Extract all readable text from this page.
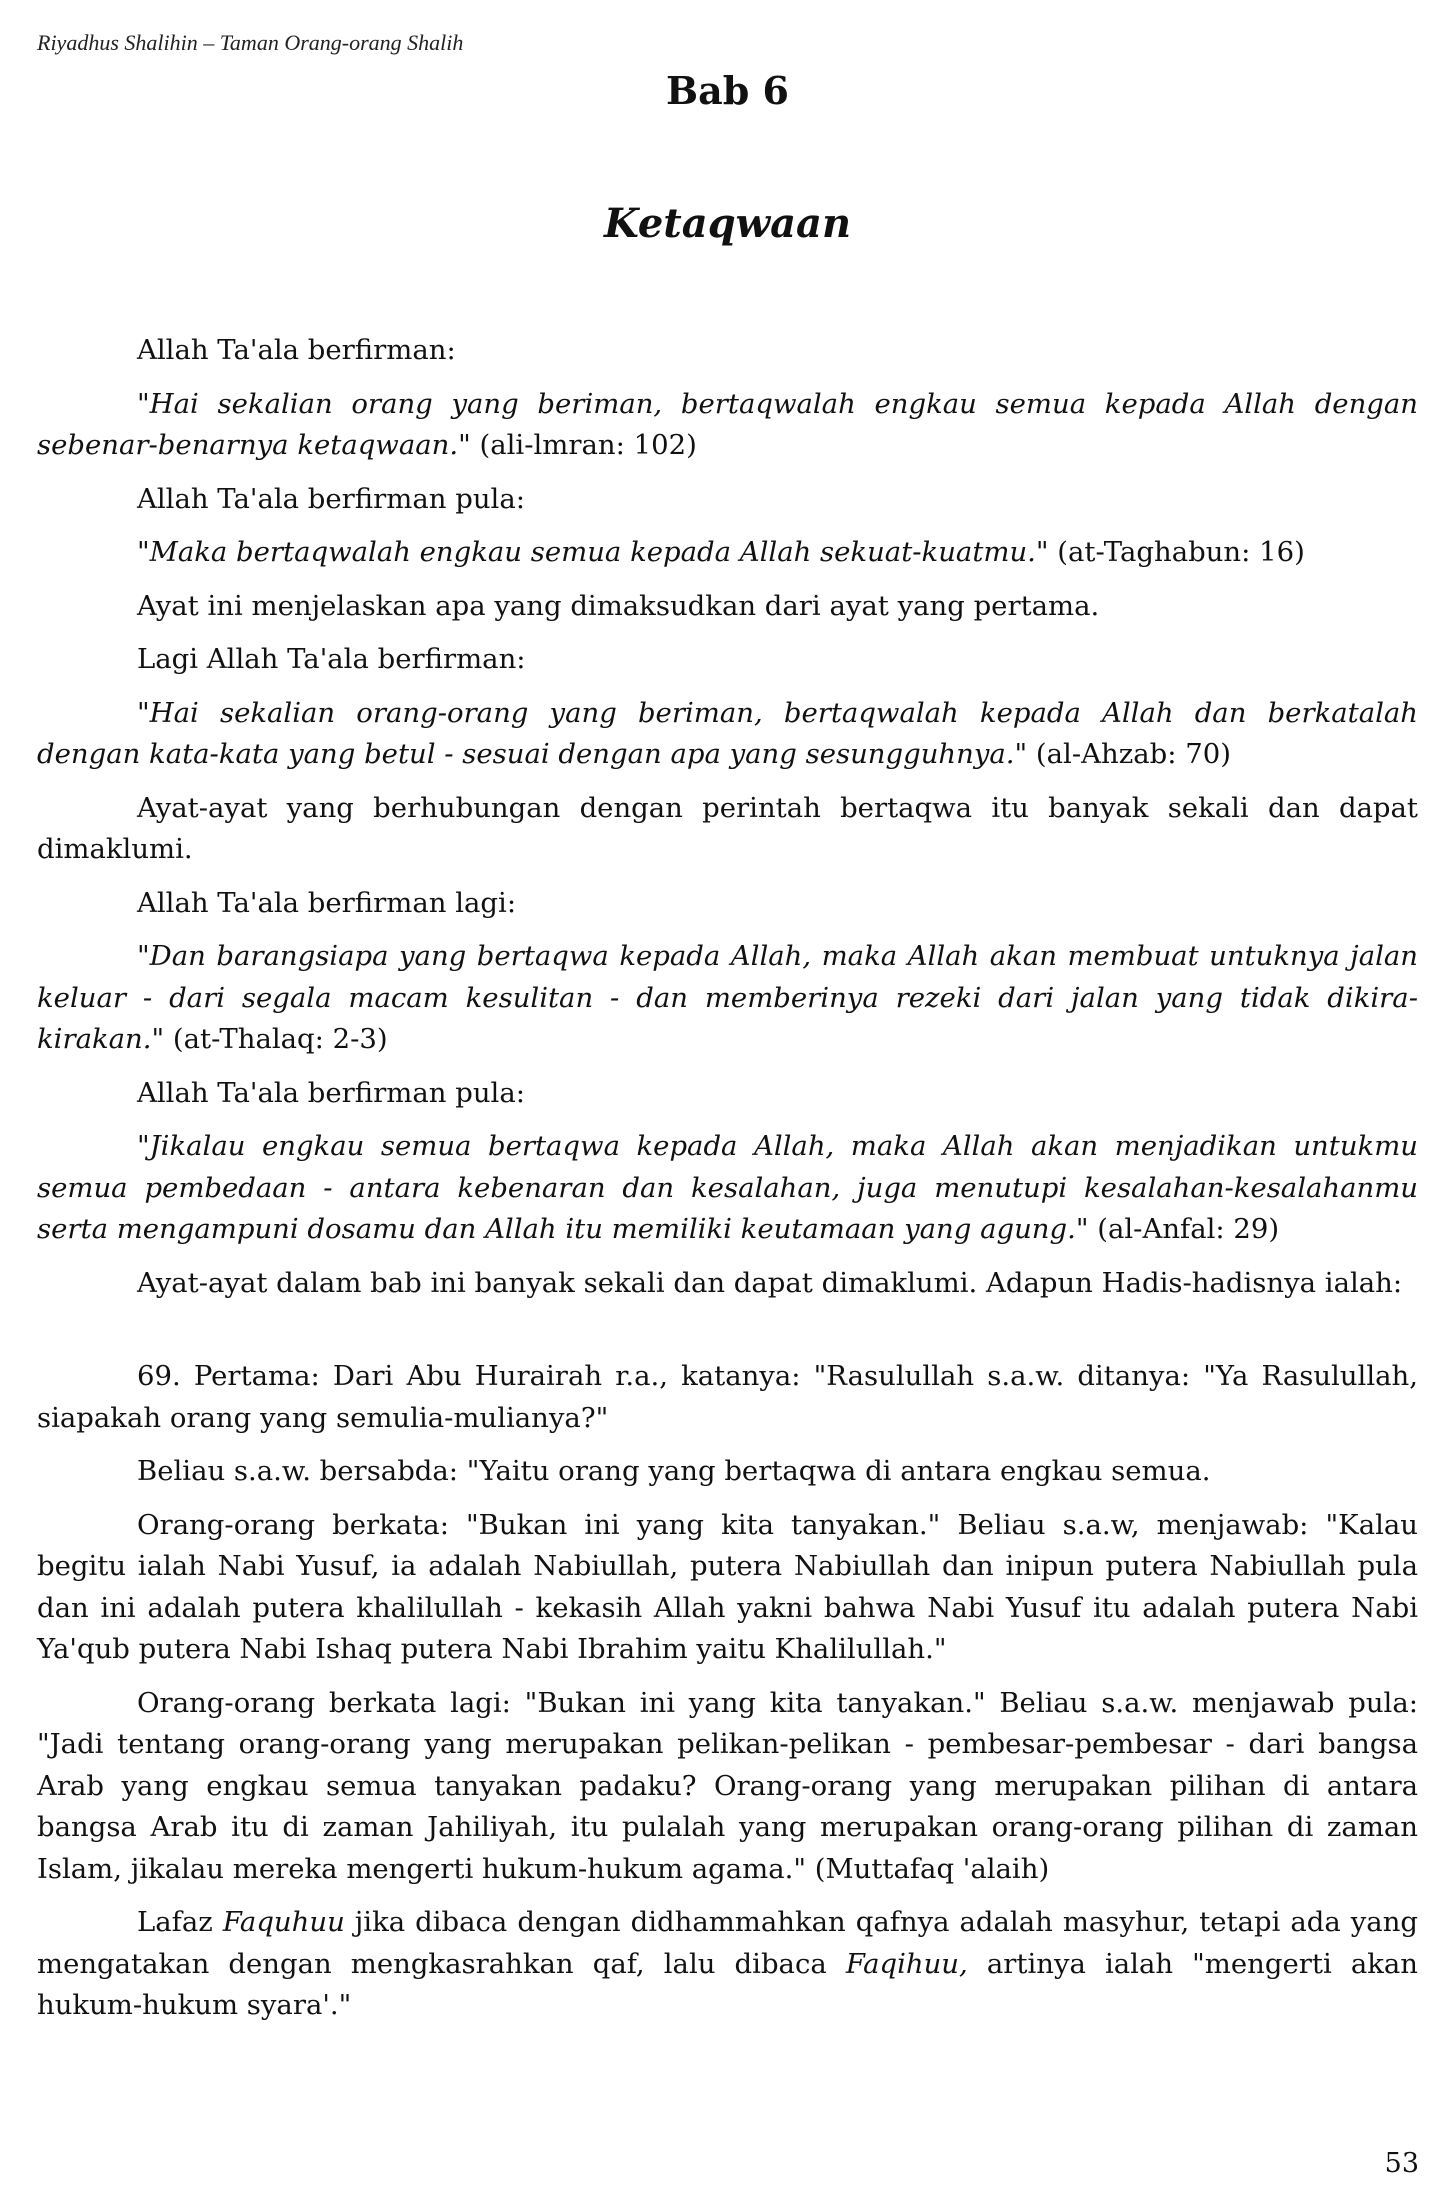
Riyadhus Shalihin – Taman Orang-orang Shalih
Bab 6
Ketaqwaan

Allah Ta'ala berfirman:

"Hai sekalian orang yang beriman, bertaqwalah engkau semua kepada Allah dengan sebenar-benarnya ketaqwaan." (ali-lmran: 102)

Allah Ta'ala berfirman pula:

"Maka bertaqwalah engkau semua kepada Allah sekuat-kuatmu." (at-Taghabun: 16)

Ayat ini menjelaskan apa yang dimaksudkan dari ayat yang pertama.

Lagi Allah Ta'ala berfirman:

"Hai sekalian orang-orang yang beriman, bertaqwalah kepada Allah dan berkatalah dengan kata-kata yang betul - sesuai dengan apa yang sesungguhnya." (al-Ahzab: 70)

Ayat-ayat yang berhubungan dengan perintah bertaqwa itu banyak sekali dan dapat dimaklumi.

Allah Ta'ala berfirman lagi:

"Dan barangsiapa yang bertaqwa kepada Allah, maka Allah akan membuat untuknya jalan keluar - dari segala macam kesulitan - dan memberinya rezeki dari jalan yang tidak dikira-kirakan." (at-Thalaq: 2-3)

Allah Ta'ala berfirman pula:

"Jikalau engkau semua bertaqwa kepada Allah, maka Allah akan menjadikan untukmu semua pembedaan - antara kebenaran dan kesalahan, juga menutupi kesalahan-kesalahanmu serta mengampuni dosamu dan Allah itu memiliki keutamaan yang agung." (al-Anfal: 29)

Ayat-ayat dalam bab ini banyak sekali dan dapat dimaklumi. Adapun Hadis-hadisnya ialah:

69. Pertama: Dari Abu Hurairah r.a., katanya: "Rasulullah s.a.w. ditanya: "Ya Rasulullah, siapakah orang yang semulia-mulianya?"

Beliau s.a.w. bersabda: "Yaitu orang yang bertaqwa di antara engkau semua.

Orang-orang berkata: "Bukan ini yang kita tanyakan." Beliau s.a.w, menjawab: "Kalau begitu ialah Nabi Yusuf, ia adalah Nabiullah, putera Nabiullah dan inipun putera Nabiullah pula dan ini adalah putera khalilullah - kekasih Allah yakni bahwa Nabi Yusuf itu adalah putera Nabi Ya'qub putera Nabi Ishaq putera Nabi Ibrahim yaitu Khalilullah."

Orang-orang berkata lagi: "Bukan ini yang kita tanyakan." Beliau s.a.w. menjawab pula: "Jadi tentang orang-orang yang merupakan pelikan-pelikan - pembesar-pembesar - dari bangsa Arab yang engkau semua tanyakan padaku? Orang-orang yang merupakan pilihan di antara bangsa Arab itu di zaman Jahiliyah, itu pulalah yang merupakan orang-orang pilihan di zaman Islam, jikalau mereka mengerti hukum-hukum agama." (Muttafaq 'alaih)

Lafaz Faquhuu jika dibaca dengan didhammahkan qafnya adalah masyhur, tetapi ada yang mengatakan dengan mengkasrahkan qaf, lalu dibaca Faqihuu, artinya ialah "mengerti akan hukum-hukum syara'."

53
